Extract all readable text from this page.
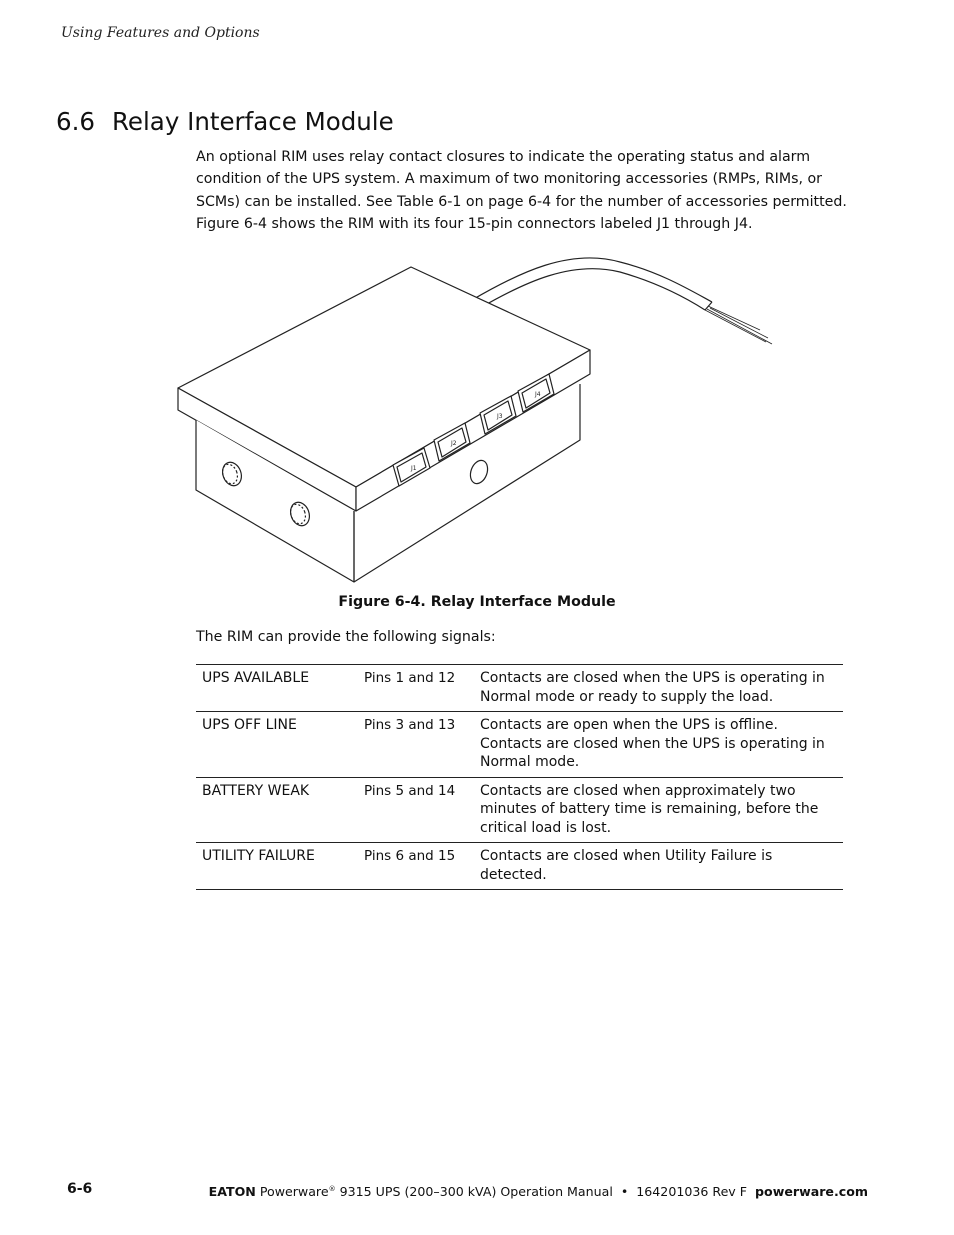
Using Features and Options
6.6 Relay Interface Module

An optional RIM uses relay contact closures to indicate the operating status and alarm condition of the UPS system. A maximum of two monitoring accessories (RMPs, RIMs, or SCMs) can be installed. See Table 6-1 on page 6-4 for the number of accessories permitted. Figure 6-4 shows the RIM with its four 15-pin connectors labeled J1 through J4.

J1
J2
J3
J4
Figure 6-4. Relay Interface Module

The RIM can provide the following signals:

UPS AVAILABLE	Pins 1 and 12	Contacts are closed when the UPS is operating in Normal mode or ready to supply the load.
UPS OFF LINE	Pins 3 and 13	Contacts are open when the UPS is offline. Contacts are closed when the UPS is operating in Normal mode.
BATTERY WEAK	Pins 5 and 14	Contacts are closed when approximately two minutes of battery time is remaining, before the critical load is lost.
UTILITY FAILURE	Pins 6 and 15	Contacts are closed when Utility Failure is detected.
6-6	EATON Powerware® 9315 UPS (200–300 kVA) Operation Manual  •  164201036 Rev F  powerware.com
